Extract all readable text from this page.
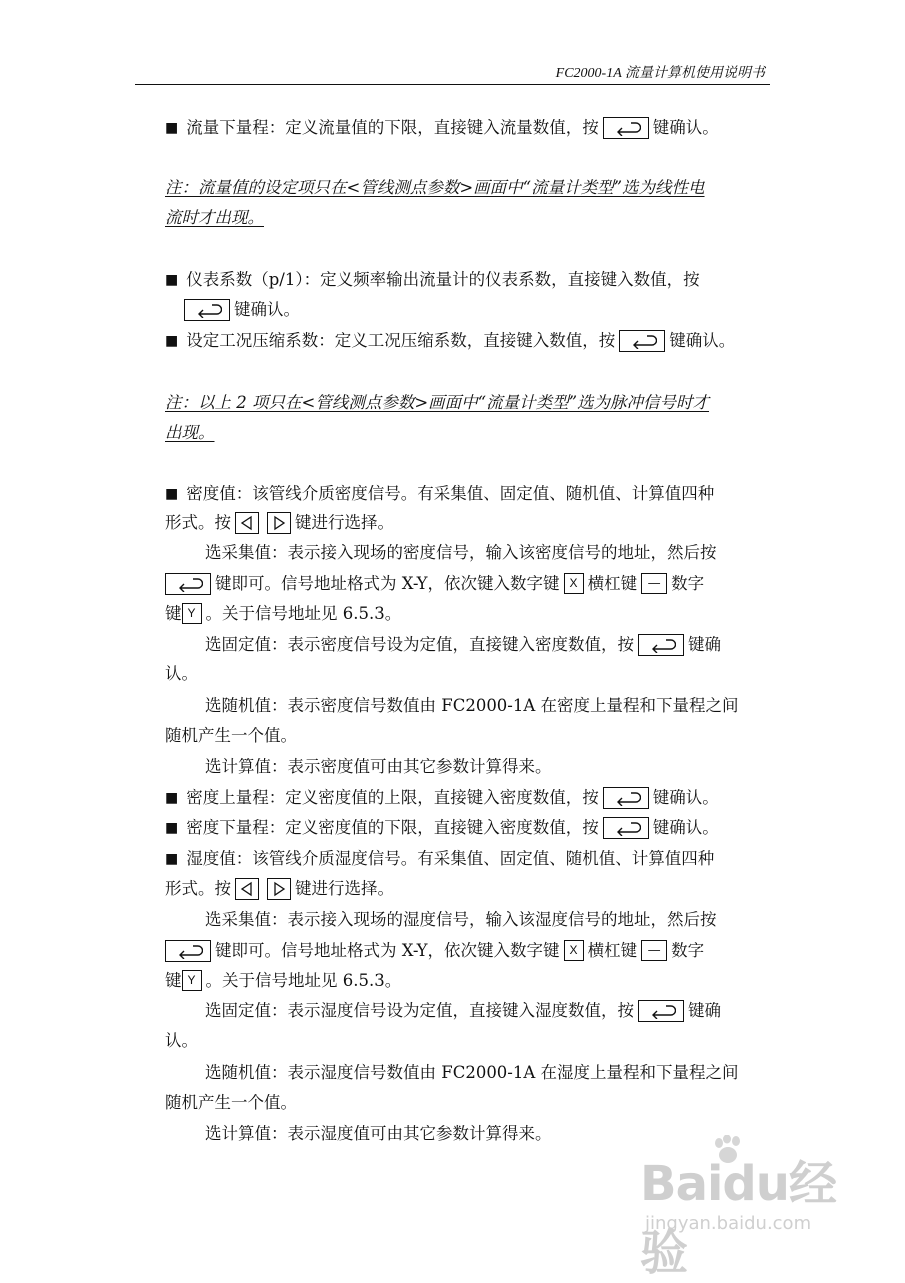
FC2000-1A 流量计算机使用说明书
■ 流量下量程：定义流量值的下限，直接键入流量数值，按	键确认。
注：流量值的设定项只在<管线测点参数>画面中“流量计类型”选为线性电
流时才出现。
■ 仪表系数（p/1）：定义频率输出流量计的仪表系数，直接键入数值，按
键确认。
■ 设定工况压缩系数：定义工况压缩系数，直接键入数值，按	键确认。
注：以上 2 项只在<管线测点参数>画面中“流量计类型”选为脉冲信号时才
出现。
■ 密度值：该管线介质密度信号。有采集值、固定值、随机值、计算值四种
形式。按	键进行选择。
选采集值：表示接入现场的密度信号，输入该密度信号的地址，然后按
键即可。信号地址格式为 X-Y，依次键入数字键 X 横杠键 — 数字
键 Y 。关于信号地址见 6.5.3。
选固定值：表示密度信号设为定值，直接键入密度数值，按	键确
认。
选随机值：表示密度信号数值由 FC2000-1A 在密度上量程和下量程之间
随机产生一个值。
选计算值：表示密度值可由其它参数计算得来。
■ 密度上量程：定义密度值的上限，直接键入密度数值，按	键确认。
■ 密度下量程：定义密度值的下限，直接键入密度数值，按	键确认。
■ 湿度值：该管线介质湿度信号。有采集值、固定值、随机值、计算值四种
形式。按	键进行选择。
选采集值：表示接入现场的湿度信号，输入该湿度信号的地址，然后按
键即可。信号地址格式为 X-Y，依次键入数字键 X 横杠键 — 数字
键 Y 。关于信号地址见 6.5.3。
选固定值：表示湿度信号设为定值，直接键入湿度数值，按	键确
认。
选随机值：表示湿度信号数值由 FC2000-1A 在湿度上量程和下量程之间
随机产生一个值。
选计算值：表示湿度值可由其它参数计算得来。
Baidu经验
jingyan.baidu.com
